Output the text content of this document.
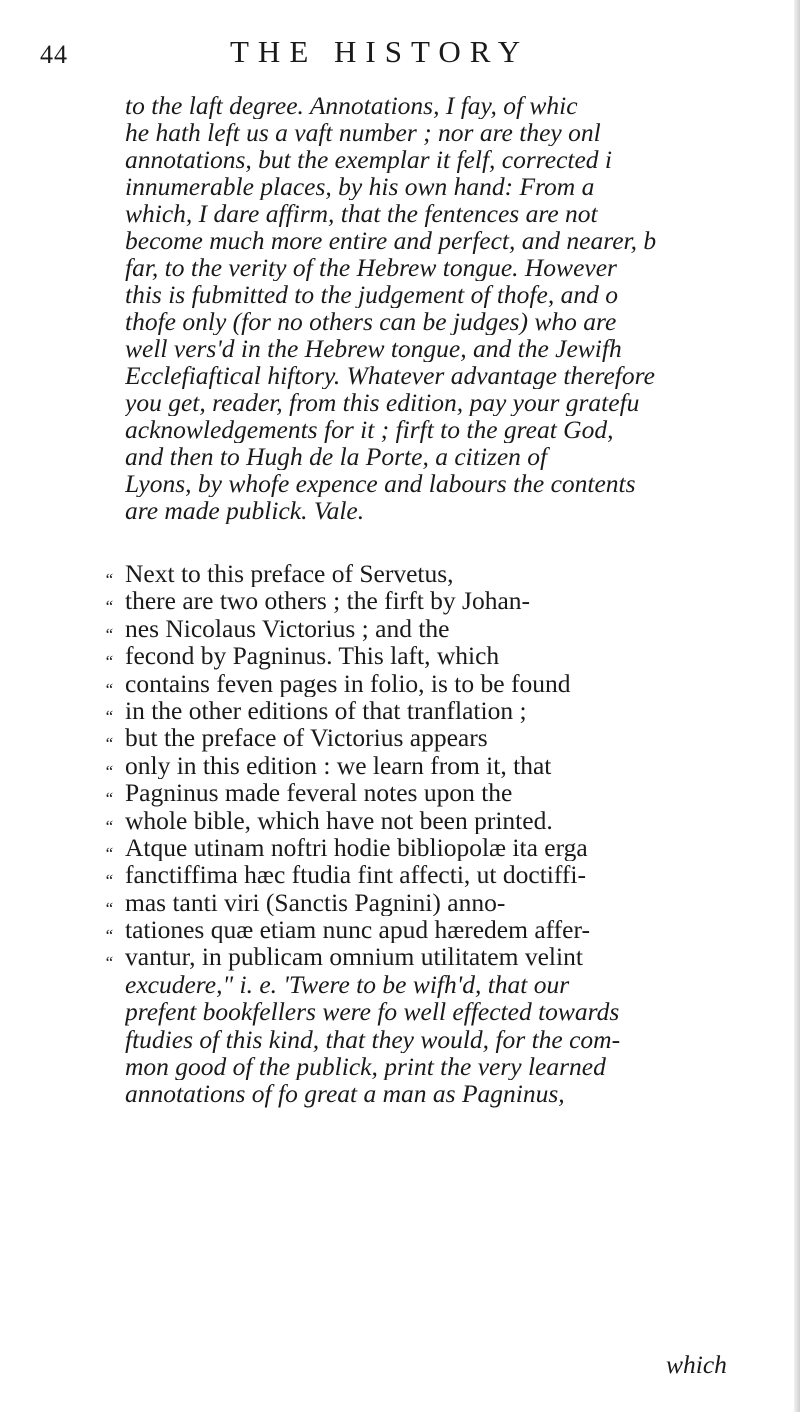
44	THE HISTORY
to the laft degree. Annotations, I fay, of whic
he hath left us a vaft number ; nor are they onl
annotations, but the exemplar it felf, corrected i
innumerable places, by his own hand: From a
which, I dare affirm, that the fentences are not
become much more entire and perfect, and nearer, b
far, to the verity of the Hebrew tongue. However
this is fubmitted to the judgement of thofe, and o
thofe only (for no others can be judges) who are
well vers'd in the Hebrew tongue, and the Jewifh
Ecclefiaftical hiftory. Whatever advantage therefore
you get, reader, from this edition, pay your gratefu
acknowledgements for it ; firft to the great God,
and then to Hugh de la Porte, a citizen of
Lyons, by whofe expence and labours the contents
are made publick. Vale.
“
“
“
“
“
“
“
“
“
“
“
“
“
“
“
Next to this preface of Servetus,
there are two others ; the firft by Johan-
nes Nicolaus Victorius ; and the
fecond by Pagninus. This laft, which
contains feven pages in folio, is to be found
in the other editions of that tranflation ;
but the preface of Victorius appears
only in this edition : we learn from it, that
Pagninus made feveral notes upon the
whole bible, which have not been printed.
Atque utinam noftri hodie bibliopolæ ita erga
fanctiffima hæc ftudia fint affecti, ut doctiffi-
mas tanti viri (Sanctis Pagnini) anno-
tationes quæ etiam nunc apud hæredem affer-
vantur, in publicam omnium utilitatem velint
excudere," i. e. 'Twere to be wifh'd, that our
prefent bookfellers were fo well effected towards
ftudies of this kind, that they would, for the com-
mon good of the publick, print the very learned
annotations of fo great a man as Pagninus,
which
